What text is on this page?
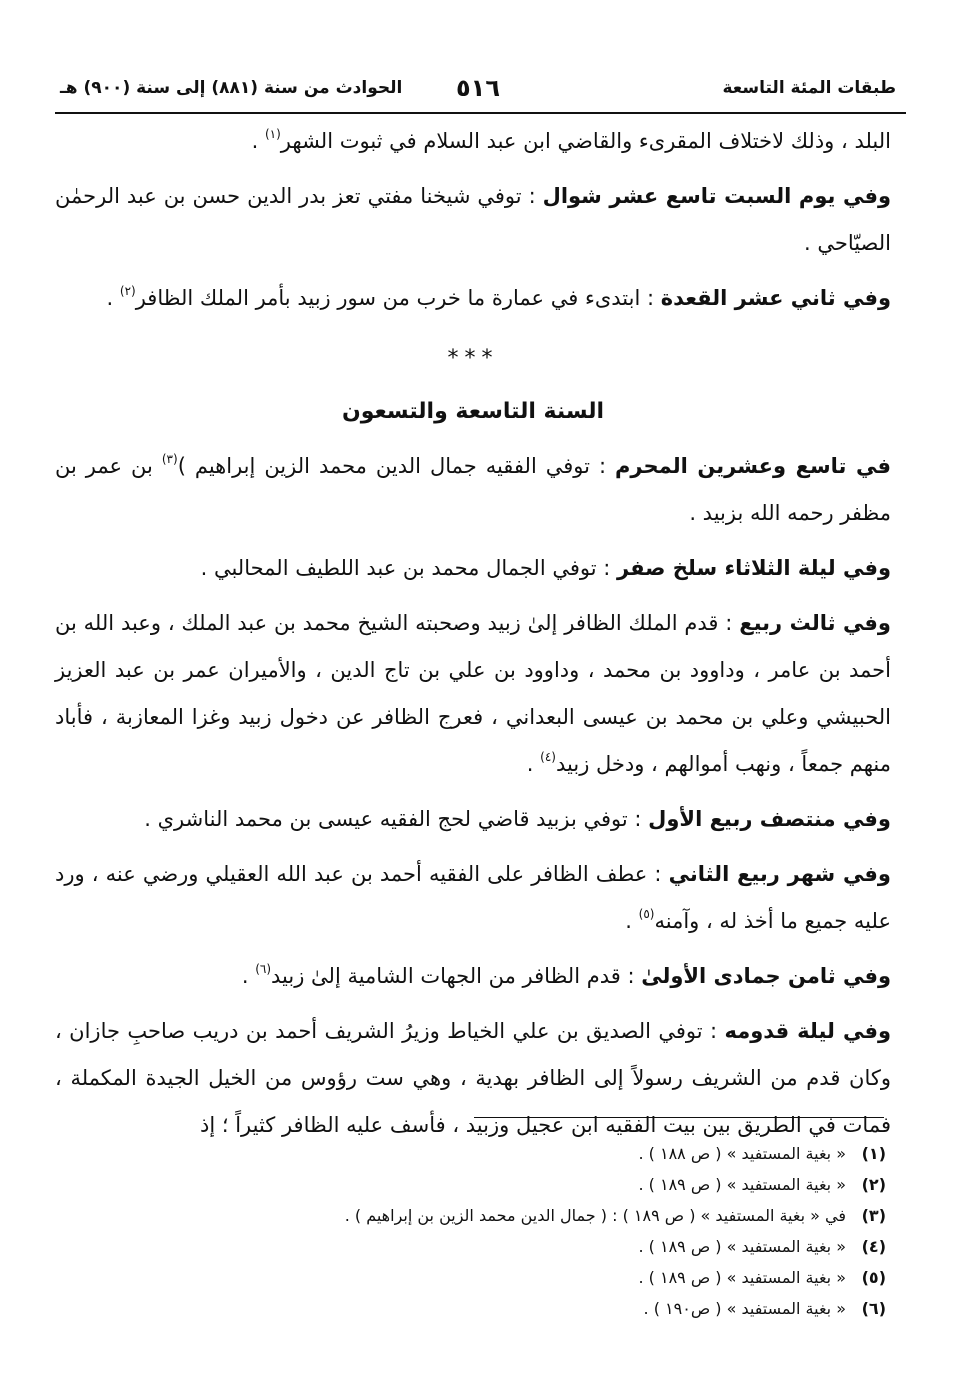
طبقات المئة التاسعة
٥١٦
الحوادث من سنة (٨٨١) إلى سنة (٩٠٠) هـ

البلد ، وذلك لاختلاف المقرىء والقاضي ابن عبد السلام في ثبوت الشهر$^{(١)}$ .

وفي يوم السبت تاسع عشر شوال : توفي شيخنا مفتي تعز بدر الدين حسن بن عبد الرحمٰن الصيّاحي .

وفي ثاني عشر القعدة : ابتدىء في عمارة ما خرب من سور زبيد بأمر الملك الظافر$^{(٢)}$ .

***

السنة التاسعة والتسعون

في تاسع وعشرين المحرم : توفي الفقيه جمال الدين محمد الزين إبراهيم )$^{(٣)}$ بن عمر بن مظفر رحمه الله بزبيد .

وفي ليلة الثلاثاء سلخ صفر : توفي الجمال محمد بن عبد اللطيف المحالبي .

وفي ثالث ربيع : قدم الملك الظافر إلىٰ زبيد وصحبته الشيخ محمد بن عبد الملك ، وعبد الله بن أحمد بن عامر ، وداوود بن محمد ، وداوود بن علي بن تاج الدين ، والأميران عمر بن عبد العزيز الحبيشي وعلي بن محمد بن عيسى البعداني ، فعرج الظافر عن دخول زبيد وغزا المعازبة ، فأباد منهم جمعاً ، ونهب أموالهم ، ودخل زبيد$^{(٤)}$ .

وفي منتصف ربيع الأول : توفي بزبيد قاضي لحج الفقيه عيسى بن محمد الناشري .

وفي شهر ربيع الثاني : عطف الظافر على الفقيه أحمد بن عبد الله العقيلي ورضي عنه ، ورد عليه جميع ما أخذ له ، وآمنه$^{(٥)}$ .

وفي ثامن جمادى الأولىٰ : قدم الظافر من الجهات الشامية إلىٰ زبيد$^{(٦)}$ .

وفي ليلة قدومه : توفي الصديق بن علي الخياط وزيرُ الشريف أحمد بن دريب صاحبِ جازان ، وكان قدم من الشريف رسولاً إلى الظافر بهدية ، وهي ست رؤوس من الخيل الجيدة المكملة ، فمات في الطريق بين بيت الفقيه ابن عجيل وزبيد ، فأسف عليه الظافر كثيراً ؛ إذ

(١)« بغية المستفيد » ( ص ١٨٨ ) .
(٢)« بغية المستفيد » ( ص ١٨٩ ) .
(٣)في « بغية المستفيد » ( ص ١٨٩ ) : ( جمال الدين محمد الزين بن إبراهيم ) .
(٤)« بغية المستفيد » ( ص ١٨٩ ) .
(٥)« بغية المستفيد » ( ص ١٨٩ ) .
(٦)« بغية المستفيد » ( ص١٩٠ ) .
